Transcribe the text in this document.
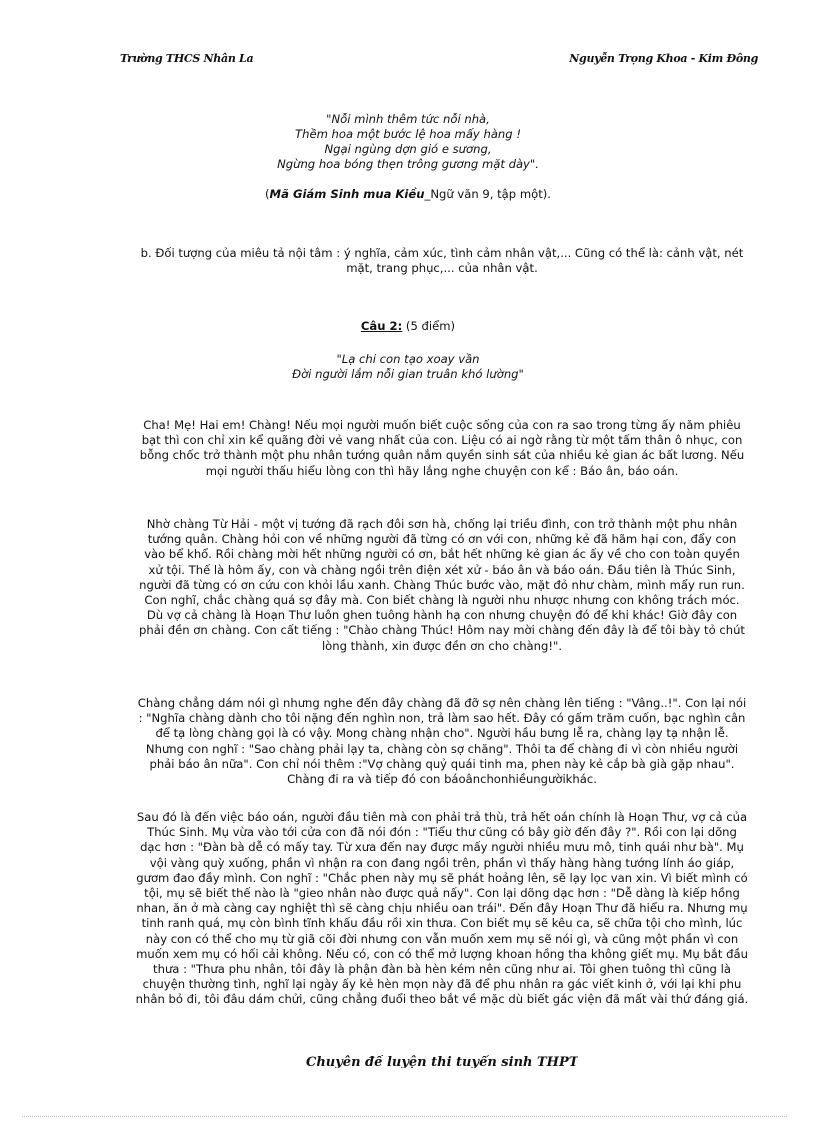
Trường THCS Nhân La	Nguyễn Trọng Khoa - Kim Đông
"Nỗi mình thêm tức nỗi nhà,
Thềm hoa một bước lệ hoa mấy hàng !
Ngại ngùng dợn gió e sương,
Ngừng hoa bóng thẹn trông gương mặt dày".
(Mã Giám Sinh mua Kiều_Ngữ văn 9, tập một).
b. Đối tượng của miêu tả nội tâm : ý nghĩa, cảm xúc, tình cảm nhân vật,... Cũng có thể là: cảnh vật, nét
mặt, trang phục,... của nhân vật.
Câu 2: (5 điểm)
"Lạ chi con tạo xoay vần
Đời người lắm nỗi gian truân khó lường"
Cha! Mẹ! Hai em! Chàng! Nếu mọi người muốn biết cuộc sống của con ra sao trong từng ấy năm phiêu
bạt thì con chỉ xin kể quãng đời vẻ vang nhất của con. Liệu có ai ngờ rằng từ một tấm thân ô nhục, con
bỗng chốc trở thành một phu nhân tướng quân nắm quyền sinh sát của nhiều kẻ gian ác bất lương. Nếu
mọi người thấu hiểu lòng con thì hãy lắng nghe chuyện con kể : Báo ân, báo oán.
Nhờ chàng Từ Hải - một vị tướng đã rạch đôi sơn hà, chống lại triều đình, con trở thành một phu nhân
tướng quân. Chàng hỏi con về những người đã từng có ơn với con, những kẻ đã hãm hại con, đẩy con
vào bể khổ. Rồi chàng mời hết những người có ơn, bắt hết những kẻ gian ác ấy về cho con toàn quyền
xử tội. Thế là hôm ấy, con và chàng ngồi trên điện xét xử - báo ân và báo oán. Đầu tiên là Thúc Sinh,
người đã từng có ơn cứu con khỏi lầu xanh. Chàng Thúc bước vào, mặt đỏ như chàm, mình mẩy run run.
Con nghĩ, chắc chàng quá sợ đây mà. Con biết chàng là người nhu nhược nhưng con không trách móc.
Dù vợ cả chàng là Hoạn Thư luôn ghen tuông hành hạ con nhưng chuyện đó để khi khác! Giờ đây con
phải đền ơn chàng. Con cất tiếng : "Chào chàng Thúc! Hôm nay mời chàng đến đây là để tôi bày tỏ chút
lòng thành, xin được đền ơn cho chàng!".
Chàng chẳng dám nói gì nhưng nghe đến đây chàng đã đỡ sợ nên chàng lên tiếng : "Vâng..!". Con lại nói
: "Nghĩa chàng dành cho tôi nặng đến nghìn non, trả làm sao hết. Đây có gấm trăm cuốn, bạc nghìn cân
để tạ lòng chàng gọi là có vậy. Mong chàng nhận cho". Người hầu bưng lễ ra, chàng lạy tạ nhận lễ.
Nhưng con nghĩ : "Sao chàng phải lạy ta, chàng còn sợ chăng". Thôi ta để chàng đi vì còn nhiều người
phải báo ân nữa". Con chỉ nói thêm :"Vợ chàng quỷ quái tinh ma, phen này kẻ cắp bà già gặp nhau".
Chàng đi ra và tiếp đó con báoânchonhiềungườikhác.
Sau đó là đến việc báo oán, người đầu tiên mà con phải trả thù, trả hết oán chính là Hoạn Thư, vợ cả của
Thúc Sinh. Mụ vừa vào tới cửa con đã nói đón : "Tiểu thư cũng có bây giờ đến đây ?". Rồi con lại dõng
dạc hơn : "Đàn bà dễ có mấy tay. Từ xưa đến nay được mấy người nhiều mưu mô, tinh quái như bà". Mụ
vội vàng quỳ xuống, phần vì nhận ra con đang ngồi trên, phần vì thấy hàng hàng tướng lính áo giáp,
gươm đao đầy mình. Con nghĩ : "Chắc phen này mụ sẽ phát hoảng lên, sẽ lạy lọc van xin. Vì biết mình có
tội, mụ sẽ biết thế nào là "gieo nhân nào được quả nấy". Con lại dõng dạc hơn : "Dễ dàng là kiếp hồng
nhan, ăn ở mà càng cay nghiệt thì sẽ càng chịu nhiều oan trái". Đến đây Hoạn Thư đã hiểu ra. Nhưng mụ
tinh ranh quá, mụ còn bình tĩnh khấu đầu rồi xin thưa. Con biết mụ sẽ kêu ca, sẽ chữa tội cho mình, lúc
này con có thể cho mụ từ giã cõi đời nhưng con vẫn muốn xem mụ sẽ nói gì, và cũng một phần vì con
muốn xem mụ có hối cải không. Nếu có, con có thể mở lượng khoan hồng tha không giết mụ. Mụ bắt đầu
thưa : "Thưa phu nhân, tôi đây là phận đàn bà hèn kém nên cũng như ai. Tôi ghen tuông thì cũng là
chuyện thường tình, nghĩ lại ngày ấy kẻ hèn mọn này đã để phu nhân ra gác viết kinh ở, với lại khi phu
nhân bỏ đi, tôi đâu dám chửi, cũng chẳng đuổi theo bắt về mặc dù biết gác viện đã mất vài thứ đáng giá.
Chuyên đề luyện thi tuyển sinh THPT
